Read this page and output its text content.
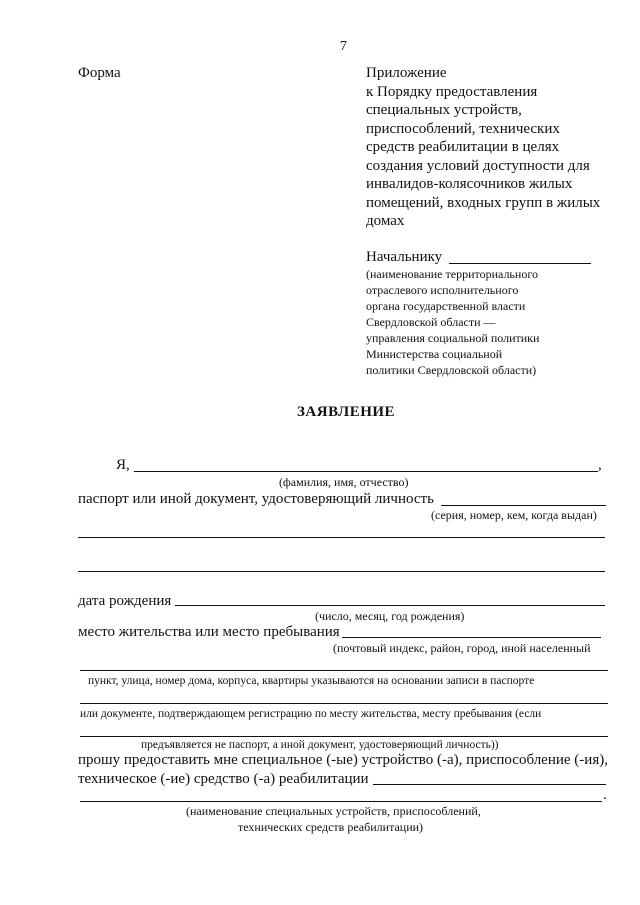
7
Форма	Приложение
к Порядку предоставления
специальных устройств,
приспособлений, технических
средств реабилитации в целях
создания условий доступности для
инвалидов-колясочников жилых
помещений, входных групп в жилых
домах
Начальнику
(наименование территориального
отраслевого исполнительного
органа государственной власти
Свердловской области —
управления социальной политики
Министерства социальной
политики Свердловской области)
ЗАЯВЛЕНИЕ
Я,	,
(фамилия, имя, отчество)
паспорт или иной документ, удостоверяющий личность
(серия, номер, кем, когда выдан)
дата рождения
(число, месяц, год рождения)
место жительства или место пребывания
(почтовый индекс, район, город, иной населенный
пункт, улица, номер дома, корпуса, квартиры указываются на основании записи в паспорте
или документе, подтверждающем регистрацию по месту жительства, месту пребывания (если
предъявляется не паспорт, а иной документ, удостоверяющий личность))
прошу предоставить мне специальное (-ые) устройство (-а), приспособление (-ия),
техническое (-ие) средство (-а) реабилитации
.
(наименование специальных устройств, приспособлений,
технических средств реабилитации)
